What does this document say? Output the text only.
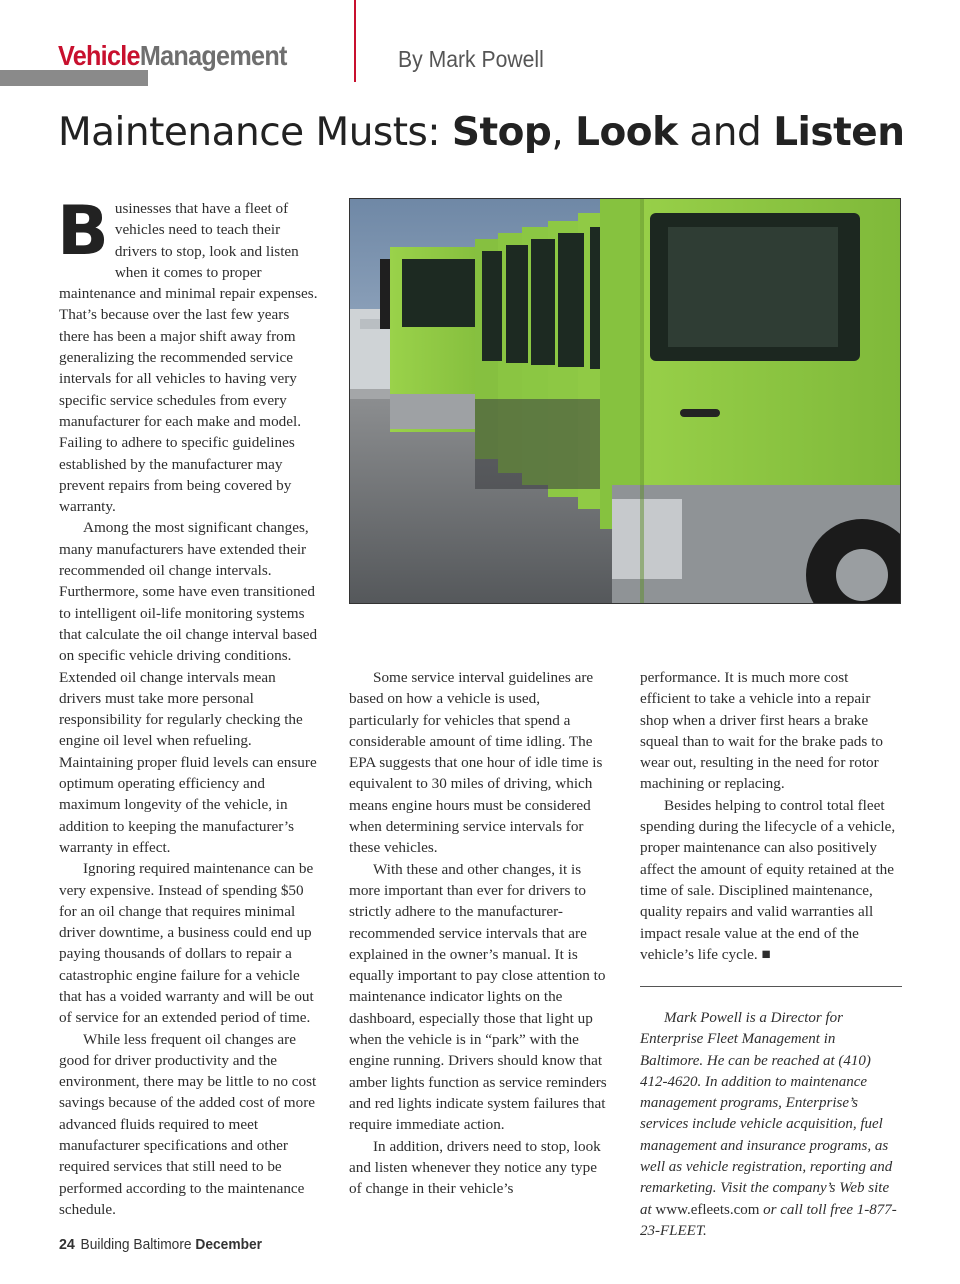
VehicleManagement	By Mark Powell
Maintenance Musts: Stop, Look and Listen

Businesses that have a fleet of vehicles need to teach their drivers to stop, look and listen when it comes to proper maintenance and minimal repair expenses. That’s because over the last few years there has been a major shift away from generalizing the recommended service intervals for all vehicles to having very specific service schedules from every manufacturer for each make and model. Failing to adhere to specific guidelines established by the manufacturer may prevent repairs from being covered by warranty.

Among the most significant changes, many manufacturers have extended their recommended oil change intervals. Furthermore, some have even transitioned to intelligent oil-life monitoring systems that calculate the oil change interval based on specific vehicle driving conditions. Extended oil change intervals mean drivers must take more personal responsibility for regularly checking the engine oil level when refueling. Maintaining proper fluid levels can ensure optimum operating efficiency and maximum longevity of the vehicle, in addition to keeping the manufacturer’s warranty in effect.

Ignoring required maintenance can be very expensive. Instead of spending $50 for an oil change that requires minimal driver downtime, a business could end up paying thousands of dollars to repair a catastrophic engine failure for a vehicle that has a voided warranty and will be out of service for an extended period of time.

While less frequent oil changes are good for driver productivity and the environment, there may be little to no cost savings because of the added cost of more advanced fluids required to meet manufacturer specifications and other required services that still need to be performed according to the maintenance schedule.

Some service interval guidelines are based on how a vehicle is used, particularly for vehicles that spend a considerable amount of time idling. The EPA suggests that one hour of idle time is equivalent to 30 miles of driving, which means engine hours must be considered when determining service intervals for these vehicles.

With these and other changes, it is more important than ever for drivers to strictly adhere to the manufacturer-recommended service intervals that are explained in the owner’s manual. It is equally important to pay close attention to maintenance indicator lights on the dashboard, especially those that light up when the vehicle is in “park” with the engine running. Drivers should know that amber lights function as service reminders and red lights indicate system failures that require immediate action.

In addition, drivers need to stop, look and listen whenever they notice any type of change in their vehicle’s

performance. It is much more cost efficient to take a vehicle into a repair shop when a driver first hears a brake squeal than to wait for the brake pads to wear out, resulting in the need for rotor machining or replacing.

Besides helping to control total fleet spending during the lifecycle of a vehicle, proper maintenance can also positively affect the amount of equity retained at the time of sale. Disciplined maintenance, quality repairs and valid warranties all impact resale value at the end of the vehicle’s life cycle. ■

Mark Powell is a Director for Enterprise Fleet Management in Baltimore. He can be reached at (410) 412-4620. In addition to maintenance management programs, Enterprise’s services include vehicle acquisition, fuel management and insurance programs, as well as vehicle registration, reporting and remarketing. Visit the company’s Web site at www.efleets.com or call toll free 1-877-23-FLEET.

24 Building Baltimore December
